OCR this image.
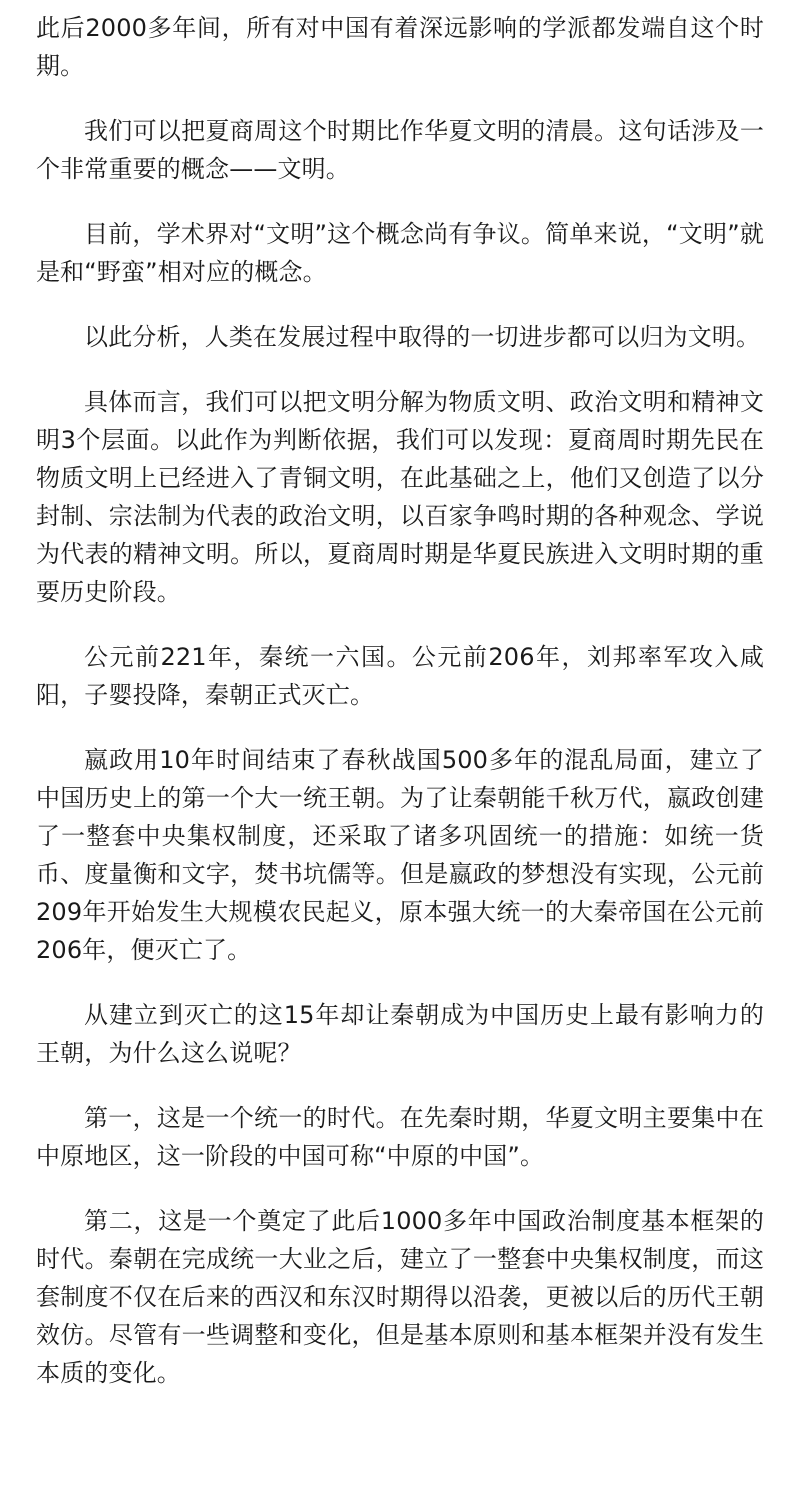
此后2000多年间，所有对中国有着深远影响的学派都发端自这个时期。

我们可以把夏商周这个时期比作华夏文明的清晨。这句话涉及一个非常重要的概念——文明。

目前，学术界对“文明”这个概念尚有争议。简单来说，“文明”就是和“野蛮”相对应的概念。

以此分析，人类在发展过程中取得的一切进步都可以归为文明。

具体而言，我们可以把文明分解为物质文明、政治文明和精神文明3个层面。以此作为判断依据，我们可以发现：夏商周时期先民在物质文明上已经进入了青铜文明，在此基础之上，他们又创造了以分封制、宗法制为代表的政治文明，以百家争鸣时期的各种观念、学说为代表的精神文明。所以，夏商周时期是华夏民族进入文明时期的重要历史阶段。

公元前221年，秦统一六国。公元前206年，刘邦率军攻入咸阳，子婴投降，秦朝正式灭亡。

嬴政用10年时间结束了春秋战国500多年的混乱局面，建立了中国历史上的第一个大一统王朝。为了让秦朝能千秋万代，嬴政创建了一整套中央集权制度，还采取了诸多巩固统一的措施：如统一货币、度量衡和文字，焚书坑儒等。但是嬴政的梦想没有实现，公元前209年开始发生大规模农民起义，原本强大统一的大秦帝国在公元前206年，便灭亡了。

从建立到灭亡的这15年却让秦朝成为中国历史上最有影响力的王朝，为什么这么说呢？

第一，这是一个统一的时代。在先秦时期，华夏文明主要集中在中原地区，这一阶段的中国可称“中原的中国”。

第二，这是一个奠定了此后1000多年中国政治制度基本框架的时代。秦朝在完成统一大业之后，建立了一整套中央集权制度，而这套制度不仅在后来的西汉和东汉时期得以沿袭，更被以后的历代王朝效仿。尽管有一些调整和变化，但是基本原则和基本框架并没有发生本质的变化。
